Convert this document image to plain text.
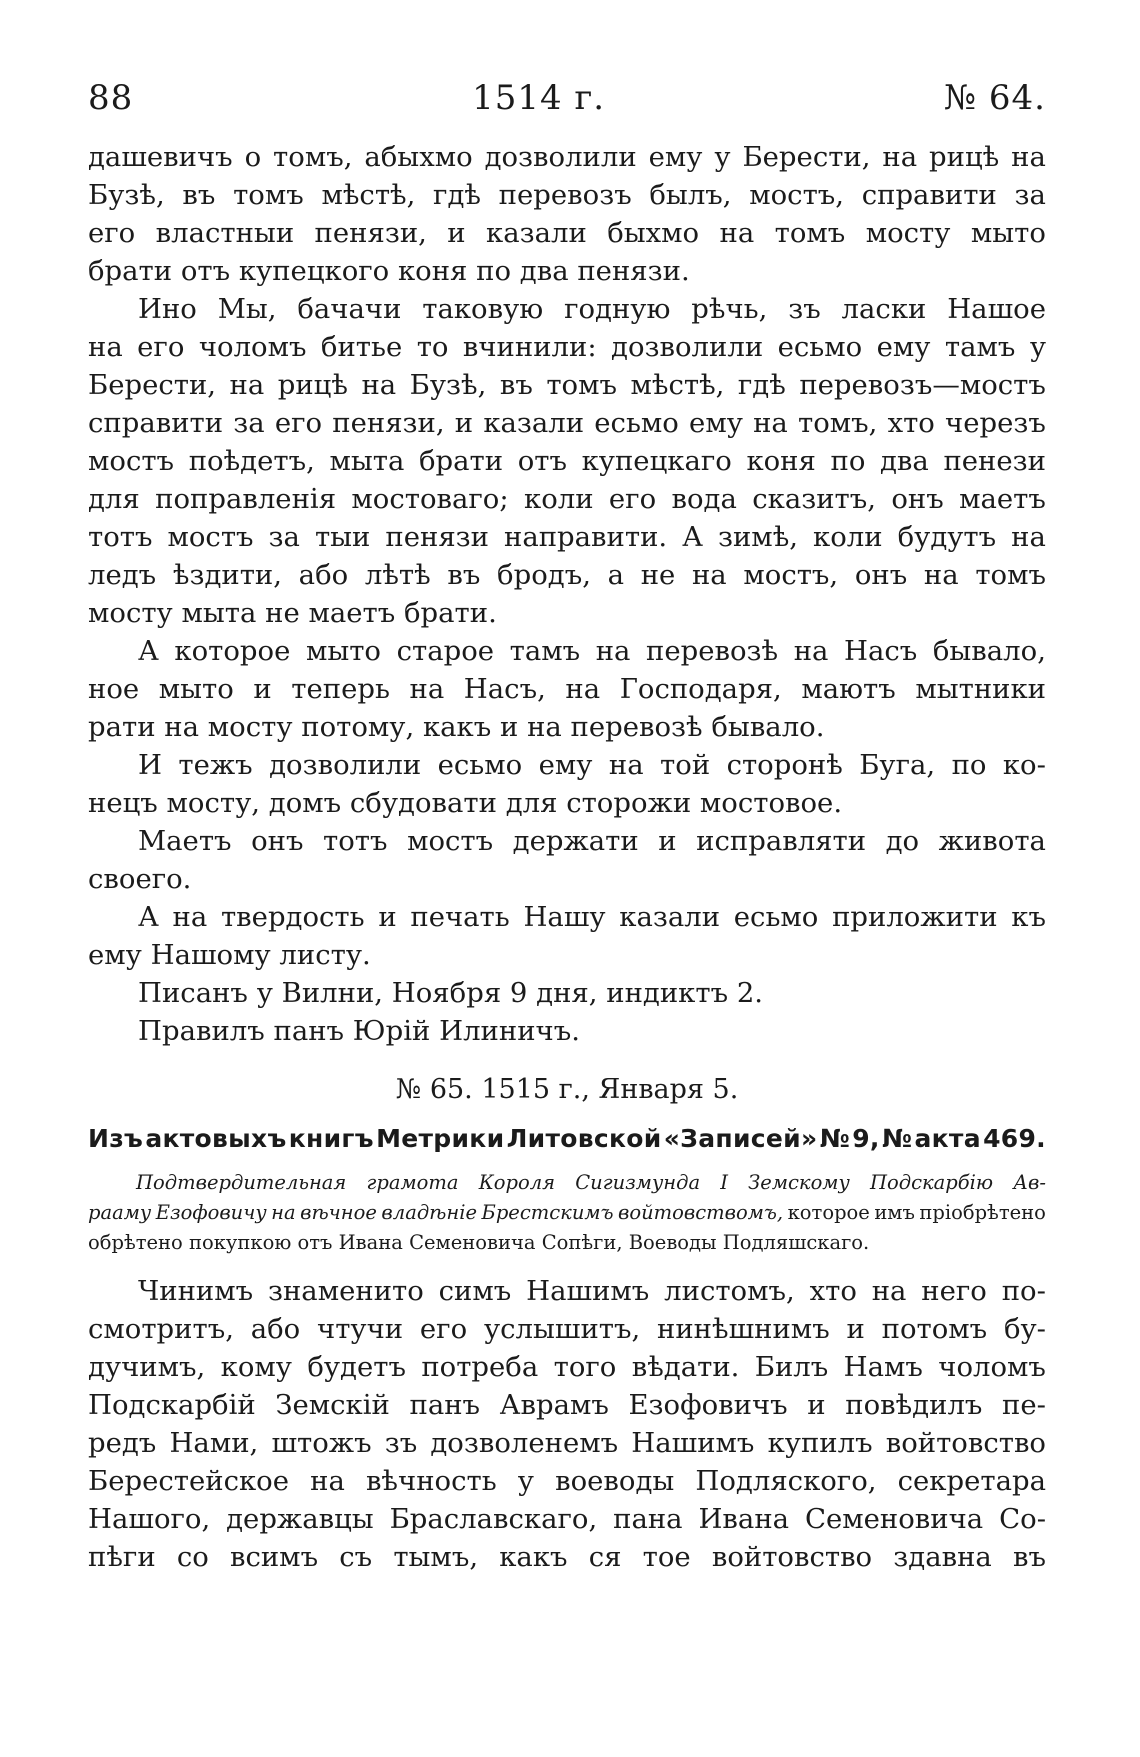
88	1514 г.	№ 64.
дашевичъ о томъ, абыхмо дозволили ему у Берести, на рицѣ на
Бузѣ, въ томъ мѣстѣ, гдѣ перевозъ былъ, мостъ, справити за
его властныи пенязи, и казали быхмо на томъ мосту мыто
брати отъ купецкого коня по два пенязи.
Ино Мы, бачачи таковую годную рѣчь, зъ ласки Нашое
на его чоломъ битье то вчинили: дозволили есьмо ему тамъ у
Берести, на рицѣ на Бузѣ, въ томъ мѣстѣ, гдѣ перевозъ—мостъ
справити за его пенязи, и казали есьмо ему на томъ, хто черезъ
мостъ поѣдетъ, мыта брати отъ купецкаго коня по два пенези
для поправленія мостоваго; коли его вода сказитъ, онъ маетъ
тотъ мостъ за тыи пенязи направити. А зимѣ, коли будутъ на
ледъ ѣздити, або лѣтѣ въ бродъ, а не на мостъ, онъ на томъ
мосту мыта не маетъ брати.
А которое мыто старое тамъ на перевозѣ на Насъ бывало,
ное мыто и теперь на Насъ, на Господаря, маютъ мытники
рати на мосту потому, какъ и на перевозѣ бывало.
И тежъ дозволили есьмо ему на той сторонѣ Буга, по ко-
нецъ мосту, домъ сбудовати для сторожи мостовое.
Маетъ онъ тотъ мостъ держати и исправляти до живота
своего.
А на твердость и печать Нашу казали есьмо приложити къ
ему Нашому листу.
Писанъ у Вилни, Ноября 9 дня, индиктъ 2.
Правилъ панъ Юрій Илиничъ.
№ 65. 1515 г., Января 5.
Изъ актовыхъ книгъ Метрики Литовской «Записей» № 9, № акта 469.
Подтвердительная грамота Короля Сигизмунда I Земскому Подскарбію Ав-
рааму Езофовичу на вѣчное владѣніе Брестскимъ войтовствомъ, которое имъ пріобрѣтено
обрѣтено покупкою отъ Ивана Семеновича Сопѣги, Воеводы Подляшскаго.
Чинимъ знаменито симъ Нашимъ листомъ, хто на него по-
смотритъ, або чтучи его услышитъ, нинѣшнимъ и потомъ бу-
дучимъ, кому будетъ потреба того вѣдати. Билъ Намъ чоломъ
Подскарбій Земскій панъ Аврамъ Езофовичъ и повѣдилъ пе-
редъ Нами, штожъ зъ дозволенемъ Нашимъ купилъ войтовство
Берестейское на вѣчность у воеводы Подляского, секретара
Нашого, державцы Браславскаго, пана Ивана Семеновича Со-
пѣги со всимъ съ тымъ, какъ ся тое войтовство здавна въ
